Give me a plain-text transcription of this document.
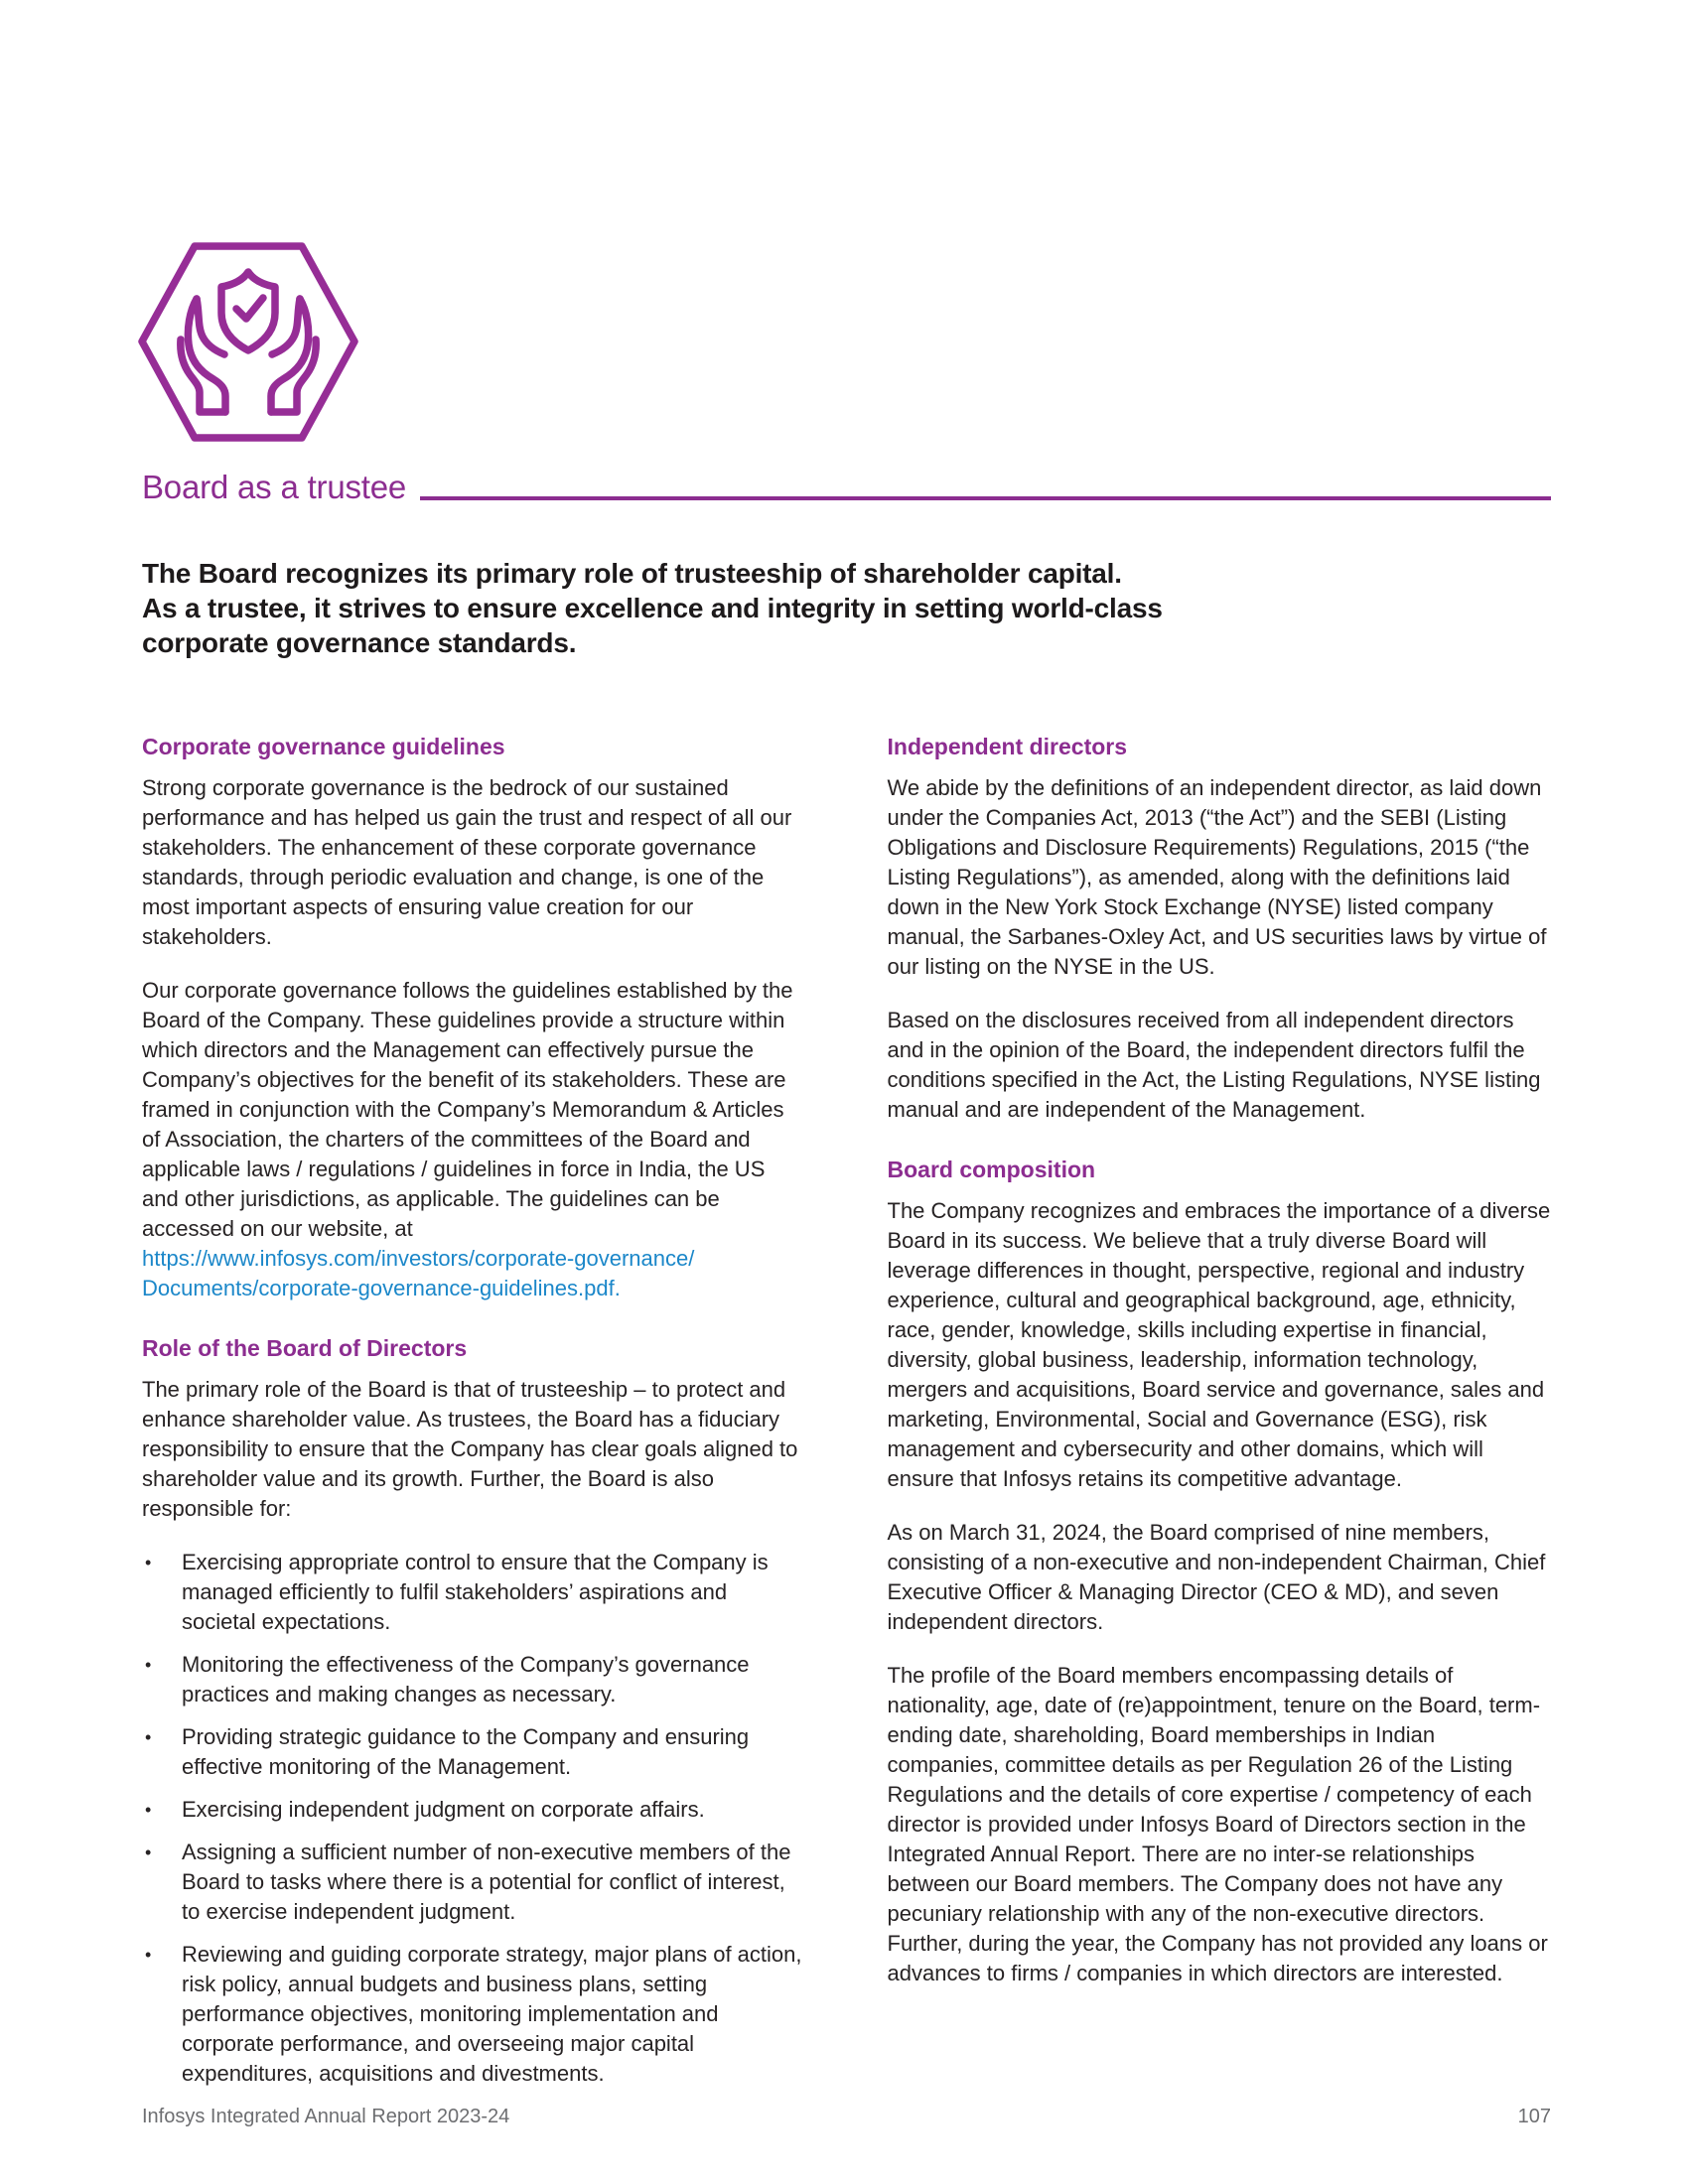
Board as a trustee
The Board recognizes its primary role of trusteeship of shareholder capital.
As a trustee, it strives to ensure excellence and integrity in setting world-class
corporate governance standards.
Corporate governance guidelines

Strong corporate governance is the bedrock of our sustained performance and has helped us gain the trust and respect of all our stakeholders. The enhancement of these corporate governance standards, through periodic evaluation and change, is one of the most important aspects of ensuring value creation for our stakeholders.

Our corporate governance follows the guidelines established by the Board of the Company. These guidelines provide a structure within which directors and the Management can effectively pursue the Company’s objectives for the benefit of its stakeholders. These are framed in conjunction with the Company’s Memorandum & Articles of Association, the charters of the committees of the Board and applicable laws / regulations / guidelines in force in India, the US and other jurisdictions, as applicable. The guidelines can be accessed on our website, at
https://www.infosys.com/investors/corporate-governance/
Documents/corporate-governance-guidelines.pdf.

Role of the Board of Directors

The primary role of the Board is that of trusteeship – to protect and enhance shareholder value. As trustees, the Board has a fiduciary responsibility to ensure that the Company has clear goals aligned to shareholder value and its growth. Further, the Board is also responsible for:

• Exercising appropriate control to ensure that the Company is managed efficiently to fulfil stakeholders’ aspirations and societal expectations.
• Monitoring the effectiveness of the Company’s governance practices and making changes as necessary.
• Providing strategic guidance to the Company and ensuring effective monitoring of the Management.
• Exercising independent judgment on corporate affairs.
• Assigning a sufficient number of non-executive members of the Board to tasks where there is a potential for conflict of interest, to exercise independent judgment.
• Reviewing and guiding corporate strategy, major plans of action, risk policy, annual budgets and business plans, setting performance objectives, monitoring implementation and corporate performance, and overseeing major capital expenditures, acquisitions and divestments.
Independent directors

We abide by the definitions of an independent director, as laid down under the Companies Act, 2013 (“the Act”) and the SEBI (Listing Obligations and Disclosure Requirements) Regulations, 2015 (“the Listing Regulations”), as amended, along with the definitions laid down in the New York Stock Exchange (NYSE) listed company manual, the Sarbanes-Oxley Act, and US securities laws by virtue of our listing on the NYSE in the US.

Based on the disclosures received from all independent directors and in the opinion of the Board, the independent directors fulfil the conditions specified in the Act, the Listing Regulations, NYSE listing manual and are independent of the Management.

Board composition

The Company recognizes and embraces the importance of a diverse Board in its success. We believe that a truly diverse Board will leverage differences in thought, perspective, regional and industry experience, cultural and geographical background, age, ethnicity, race, gender, knowledge, skills including expertise in financial, diversity, global business, leadership, information technology, mergers and acquisitions, Board service and governance, sales and marketing, Environmental, Social and Governance (ESG), risk management and cybersecurity and other domains, which will ensure that Infosys retains its competitive advantage.

As on March 31, 2024, the Board comprised of nine members, consisting of a non-executive and non-independent Chairman, Chief Executive Officer & Managing Director (CEO & MD), and seven independent directors.

The profile of the Board members encompassing details of nationality, age, date of (re)appointment, tenure on the Board, term-ending date, shareholding, Board memberships in Indian companies, committee details as per Regulation 26 of the Listing Regulations and the details of core expertise / competency of each director is provided under Infosys Board of Directors section in the Integrated Annual Report. There are no inter-se relationships between our Board members. The Company does not have any pecuniary relationship with any of the non-executive directors. Further, during the year, the Company has not provided any loans or advances to firms / companies in which directors are interested.

Infosys Integrated Annual Report 2023-24	107
